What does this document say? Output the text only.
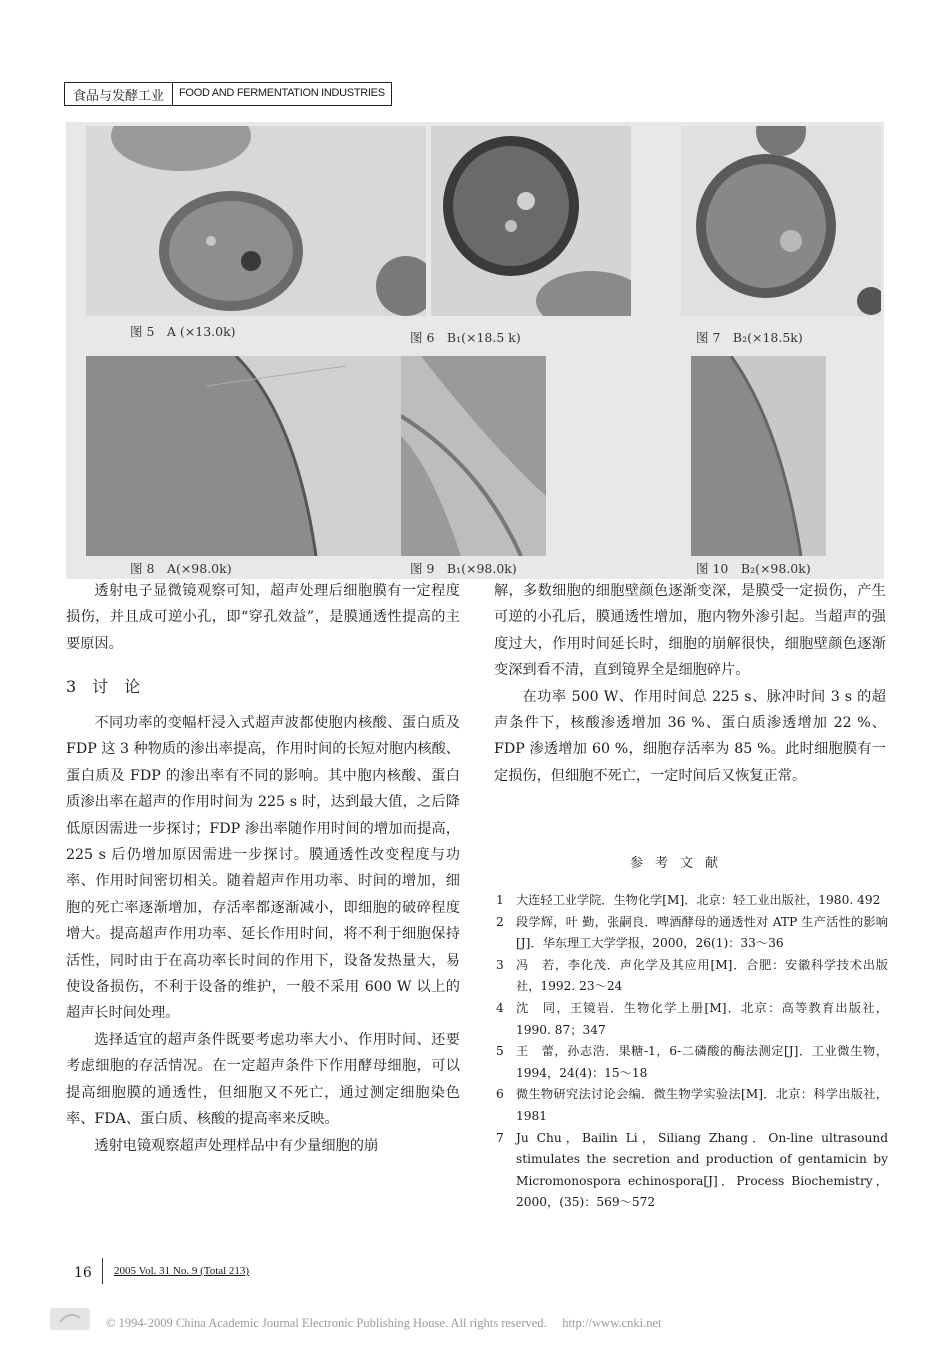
食品与发酵工业	FOOD AND FERMENTATION INDUSTRIES
图 5　A (×13.0k)	图 6　B₁(×18.5 k)	图 7　B₂(×18.5k)
图 8　A(×98.0k)	图 9　B₁(×98.0k)	图 10　B₂(×98.0k)

透射电子显微镜观察可知，超声处理后细胞膜有一定程度损伤，并且成可逆小孔，即“穿孔效益”，是膜通透性提高的主要原因。

3　讨　论

不同功率的变幅杆浸入式超声波都使胞内核酸、蛋白质及 FDP 这 3 种物质的渗出率提高，作用时间的长短对胞内核酸、蛋白质及 FDP 的渗出率有不同的影响。其中胞内核酸、蛋白质渗出率在超声的作用时间为 225 s 时，达到最大值，之后降低原因需进一步探讨；FDP 渗出率随作用时间的增加而提高，225 s 后仍增加原因需进一步探讨。膜通透性改变程度与功率、作用时间密切相关。随着超声作用功率、时间的增加，细胞的死亡率逐渐增加，存活率都逐渐减小，即细胞的破碎程度增大。提高超声作用功率、延长作用时间，将不利于细胞保持活性，同时由于在高功率长时间的作用下，设备发热量大，易使设备损伤，不利于设备的维护，一般不采用 600 W 以上的超声长时间处理。

选择适宜的超声条件既要考虑功率大小、作用时间、还要考虑细胞的存活情况。在一定超声条件下作用酵母细胞，可以提高细胞膜的通透性，但细胞又不死亡，通过测定细胞染色率、FDA、蛋白质、核酸的提高率来反映。

透射电镜观察超声处理样品中有少量细胞的崩

解，多数细胞的细胞壁颜色逐渐变深，是膜受一定损伤，产生可逆的小孔后，膜通透性增加，胞内物外渗引起。当超声的强度过大，作用时间延长时，细胞的崩解很快，细胞壁颜色逐渐变深到看不清，直到镜界全是细胞碎片。

在功率 500 W、作用时间总 225 s、脉冲时间 3 s 的超声条件下，核酸渗透增加 36 %、蛋白质渗透增加 22 %、FDP 渗透增加 60 %，细胞存活率为 85 %。此时细胞膜有一定损伤，但细胞不死亡，一定时间后又恢复正常。

参考文献
1	大连轻工业学院．生物化学[M]．北京：轻工业出版社，1980. 492
2	段学辉，叶 勤，张嗣良．啤酒酵母的通透性对 ATP 生产活性的影响[J]．华东理工大学学报，2000，26(1)：33～36
3	冯　若，李化茂．声化学及其应用[M]．合肥：安徽科学技术出版社，1992. 23～24
4	沈　同，王镜岩．生物化学上册[M]．北京：高等教育出版社，1990. 87；347
5	王　蕾，孙志浩．果糖-1，6-二磷酸的酶法测定[J]．工业微生物，1994，24(4)：15～18
6	微生物研究法讨论会编．微生物学实验法[M]．北京：科学出版社，1981
7	Ju Chu，Bailin Li，Siliang Zhang．On-line ultrasound stimulates the secretion and production of gentamicin by Micromonospora echinospora[J]．Process Biochemistry，2000，(35)：569～572
16 2005 Vol. 31 No. 9 (Total 213)
© 1994-2009 China Academic Journal Electronic Publishing House. All rights reserved.　 http://www.cnki.net
